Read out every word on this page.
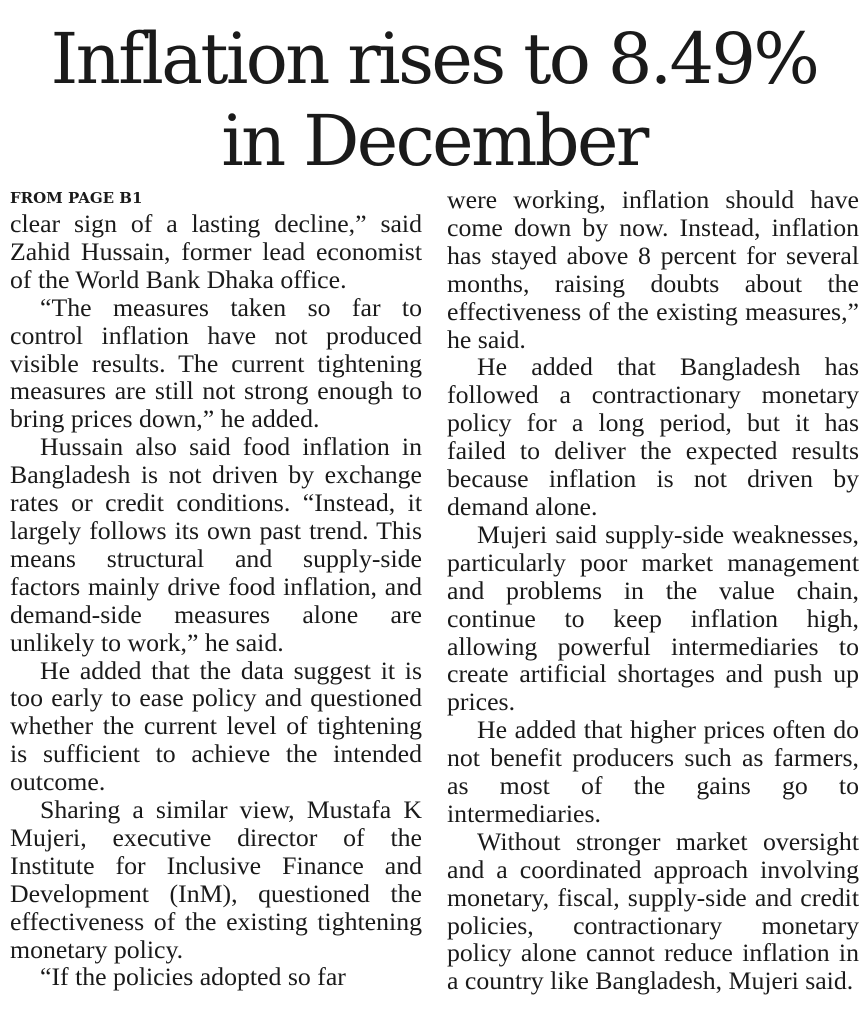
Inflation rises to 8.49%
in December
FROM PAGE B1

clear sign of a lasting decline,” said Zahid Hussain, former lead economist of the World Bank Dhaka office.

“The measures taken so far to control inflation have not produced visible results. The current tightening measures are still not strong enough to bring prices down,” he added.

Hussain also said food inflation in Bangladesh is not driven by exchange rates or credit conditions. “Instead, it largely follows its own past trend. This means structural and supply-side factors mainly drive food inflation, and demand-side measures alone are unlikely to work,” he said.

He added that the data suggest it is too early to ease policy and questioned whether the current level of tightening is sufficient to achieve the intended outcome.

Sharing a similar view, Mustafa K Mujeri, executive director of the Institute for Inclusive Finance and Development (InM), questioned the effectiveness of the existing tightening monetary policy.

“If the policies adopted so far

were working, inflation should have come down by now. Instead, inflation has stayed above 8 percent for several months, raising doubts about the effectiveness of the existing measures,” he said.

He added that Bangladesh has followed a contractionary monetary policy for a long period, but it has failed to deliver the expected results because inflation is not driven by demand alone.

Mujeri said supply-side weaknesses, particularly poor market management and problems in the value chain, continue to keep inflation high, allowing powerful intermediaries to create artificial shortages and push up prices.

He added that higher prices often do not benefit producers such as farmers, as most of the gains go to intermediaries.

Without stronger market oversight and a coordinated approach involving monetary, fiscal, supply-side and credit policies, contractionary monetary policy alone cannot reduce inflation in a country like Bangladesh, Mujeri said.
